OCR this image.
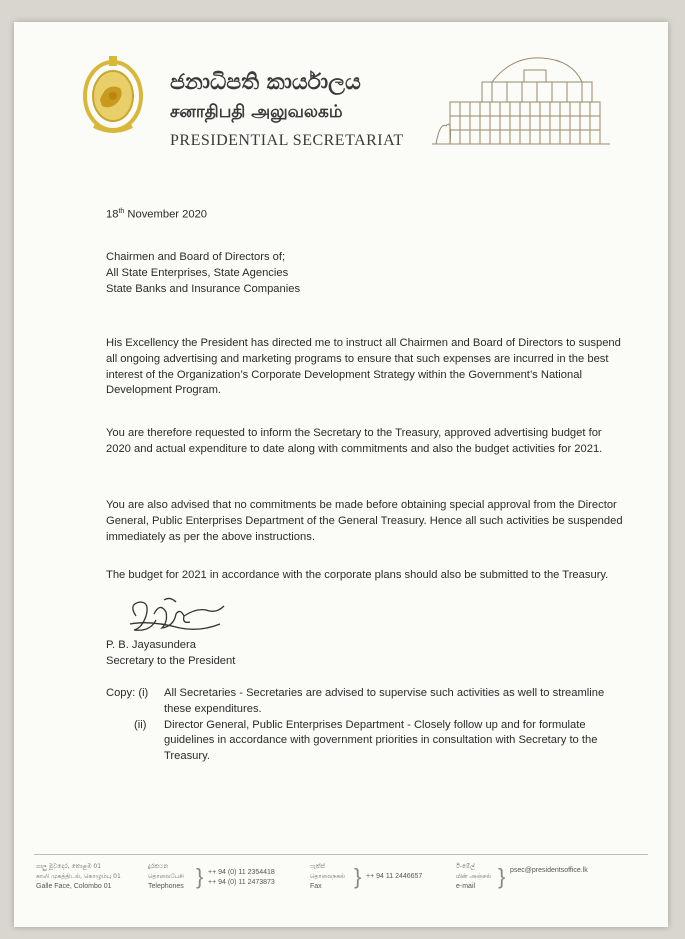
ජනාධිපති කාර්යාලය
சனாதிபதி அலுவலகம்
PRESIDENTIAL SECRETARIAT
18th November 2020
Chairmen and Board of Directors of;
All State Enterprises, State Agencies
State Banks and Insurance Companies
His Excellency the President has directed me to instruct all Chairmen and Board of Directors to suspend all ongoing advertising and marketing programs to ensure that such expenses are incurred in the best interest of the Organization’s Corporate Development Strategy within the Government’s National Development Program.
You are therefore requested to inform the Secretary to the Treasury, approved advertising budget for 2020 and actual expenditure to date along with commitments and also the budget activities for 2021.
You are also advised that no commitments be made before obtaining special approval from the Director General, Public Enterprises Department of the General Treasury. Hence all such activities be suspended immediately as per the above instructions.
The budget for 2021 in accordance with the corporate plans should also be submitted to the Treasury.
P. B. Jayasundera
Secretary to the President
Copy: (i)	All Secretaries - Secretaries are advised to supervise such activities as well to streamline these expenditures.
(ii)	Director General, Public Enterprises Department - Closely follow up and for formulate guidelines in accordance with government priorities in consultation with Secretary to the Treasury.
ගාලු මුවදොර, කොළඹ 01
காலி முகத்திடல், கொழும்பு 01
Galle Face, Colombo 01
දුරකථන
தொலைபேசி
Telephones } ++ 94 (0) 11 2354418
++ 94 (0) 11 2473873
ෆැක්ස්
தொலைநகல்
Fax	} ++ 94 11 2446657
ඊ-මේල්
மின் அஞ்சல்
e-mail	} psec@presidentsoffice.lk
